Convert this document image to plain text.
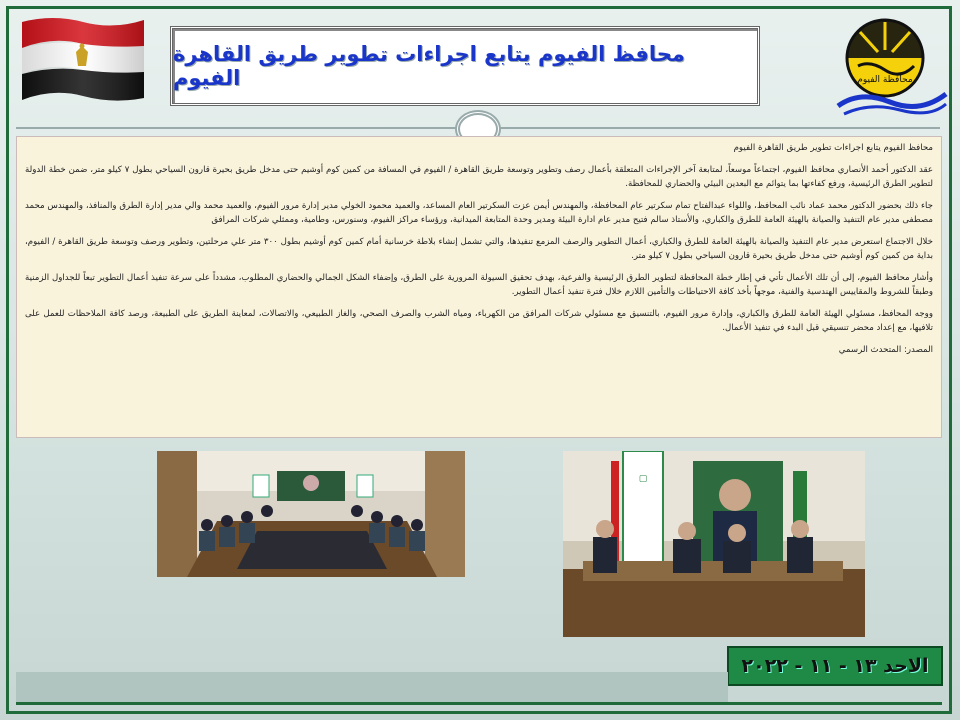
محافظ الفيوم يتابع اجراءات تطوير طريق القاهرة الفيوم	محافظة الفيوم

محافظ الفيوم يتابع اجراءات تطوير طريق القاهرة الفيوم

عقد الدكتور أحمد الأنصاري محافظ الفيوم، اجتماعاً موسعاً، لمتابعة آخر الإجراءات المتعلقة بأعمال رصف وتطوير وتوسعة طريق القاهرة / الفيوم في المسافة من كمين كوم أوشيم حتى مدخل طريق بحيرة قارون السياحي بطول ٧ كيلو متر، ضمن خطة الدولة لتطوير الطرق الرئيسية، ورفع كفاءتها بما يتوائم مع البعدين البيئي والحضاري للمحافظة.

جاء ذلك بحضور الدكتور محمد عماد نائب المحافظ، واللواء عبدالفتاح تمام سكرتير عام المحافظة، والمهندس أيمن عزت السكرتير العام المساعد، والعميد محمود الخولي مدير إدارة مرور الفيوم، والعميد محمد والي مدير إدارة الطرق والمنافذ، والمهندس محمد مصطفى مدير عام التنفيذ والصيانة بالهيئة العامة للطرق والكباري، والأستاذ سالم فتيح مدير عام ادارة البيئة ومدير وحدة المتابعة الميدانية، ورؤساء مراكز الفيوم، وسنورس، وطامية، وممثلي شركات المرافق

خلال الاجتماع استعرض مدير عام التنفيذ والصيانة بالهيئة العامة للطرق والكباري، أعمال التطوير والرصف المزمع تنفيذها، والتي تشمل إنشاء بلاطة خرسانية أمام كمين كوم أوشيم بطول ٣٠٠ متر علي مرحلتين، وتطوير ورصف وتوسعة طريق القاهرة / الفيوم، بداية من كمين كوم أوشيم حتى مدخل طريق بحيرة قارون السياحي بطول ٧ كيلو متر.

وأشار محافظ الفيوم، إلى أن تلك الأعمال تأتي في إطار خطة المحافظة لتطوير الطرق الرئيسية والفرعية، بهدف تحقيق السيولة المرورية على الطرق، وإضفاء الشكل الجمالي والحضاري المطلوب، مشدداً على سرعة تنفيذ أعمال التطوير تبعاً للجداول الزمنية وطبقاً للشروط والمقاييس الهندسية والفنية، موجهاً بأخذ كافة الاحتياطات والتأمين اللازم خلال فترة تنفيذ أعمال التطوير.

ووجه المحافظ، مسئولي الهيئة العامة للطرق والكباري، وإدارة مرور الفيوم، بالتنسيق مع مسئولي شركات المرافق من الكهرباء، ومياه الشرب والصرف الصحي، والغاز الطبيعي، والاتصالات، لمعاينة الطريق على الطبيعة، ورصد كافة الملاحظات للعمل على تلافيها، مع إعداد محضر تنسيقي قبل البدء في تنفيذ الأعمال.

المصدر: المتحدث الرسمي

▢
الاحد ١٣ - ١١ - ٢٠٢٢
